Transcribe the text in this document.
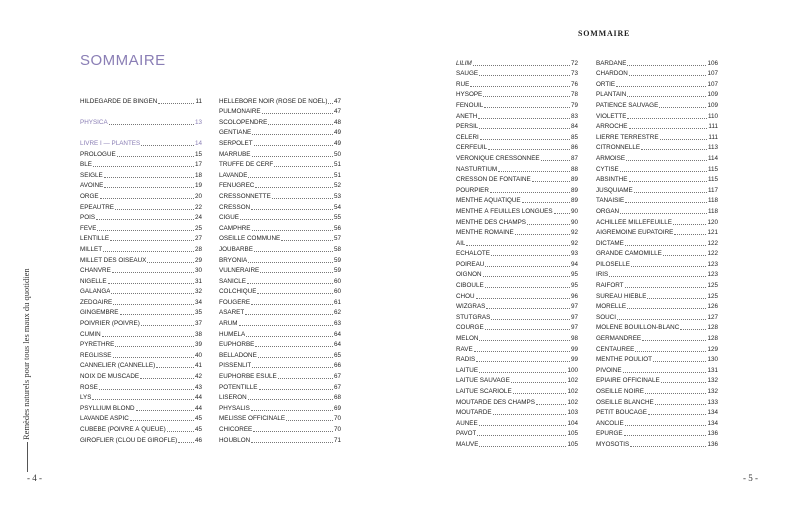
Remèdes naturels pour tous les maux du quotidien
- 4 -	- 5 -
SOMMAIRE
SOMMAIRE
HILDEGARDE DE BINGEN	11
PHYSICA	13
LIVRE I — PLANTES	14
PROLOGUE	15
BLÉ	17
SEIGLE	18
AVOINE	19
ORGE	20
ÉPEAUTRE	22
POIS	24
FÈVE	25
LENTILLE	27
MILLET	28
MILLET DES OISEAUX	29
CHANVRE	30
NIGELLE	31
GALANGA	32
ZÉDOAIRE	34
GINGEMBRE	35
POIVRIER (POIVRE)	37
CUMIN	38
PYRÈTHRE	39
RÉGLISSE	40
CANNELIER (CANNELLE)	41
NOIX DE MUSCADE	42
ROSE	43
LYS	44
PSYLLIUM BLOND	44
LAVANDE ASPIC	45
CUBÈBE (POIVRE À QUEUE)	45
GIROFLIER (CLOU DE GIROFLE)	46
HELLÉBORE NOIR (ROSE DE NOËL) 47
PULMONAIRE	47
SCOLOPENDRE	48
GENTIANE	49
SERPOLET	49
MARRUBE	50
TRUFFE DE CERF	51
LAVANDE	51
FENUGREC	52
CRESSONNETTE	53
CRESSON	54
CIGUË	55
CAMPHRE	56
OSEILLE COMMUNE	57
JOUBARBE	58
BRYONIA	59
VULNÉRAIRE	59
SANICLE	60
COLCHIQUE	60
FOUGÈRE	61
ASARET	62
ARUM	63
HUMÉLA	64
EUPHORBE	64
BELLADONE	65
PISSENLIT	66
EUPHORBE ÉSULE	67
POTENTILLE	67
LISERON	68
PHYSALIS	69
MÉLISSE OFFICINALE	70
CHICORÉE	70
HOUBLON	71
LILIM	72
SAUGE	73
RUE	76
HYSOPE	78
FENOUIL	79
ANETH	83
PERSIL	84
CÉLERI	85
CERFEUIL	86
VÉRONIQUE CRESSONNÉE	87
NASTURTIUM	88
CRESSON DE FONTAINE	89
POURPIER	89
MENTHE AQUATIQUE	89
MENTHE À FEUILLES LONGUES	90
MENTHE DES CHAMPS	90
MENTHE ROMAINE	92
AIL	92
ÉCHALOTE	93
POIREAU	94
OIGNON	95
CIBOULE	95
CHOU	96
WIZGRAS	97
STUTGRAS	97
COURGE	97
MELON	98
RAVE	99
RADIS	99
LAITUE	100
LAITUE SAUVAGE	102
LAITUE SCARIOLE	102
MOUTARDE DES CHAMPS	102
MOUTARDE	103
AUNÉE	104
PAVOT	105
MAUVE	105
BARDANE	106
CHARDON	107
ORTIE	107
PLANTAIN	109
PATIENCE SAUVAGE	109
VIOLETTE	110
ARROCHE	111
LIERRE TERRESTRE	111
CITRONNELLE	113
ARMOISE	114
CYTISE	115
ABSINTHE	115
JUSQUIAME	117
TANAISIE	118
ORGAN	118
ACHILLÉE MILLEFEUILLE	120
AIGREMOINE EUPATOIRE	121
DICTAME	122
GRANDE CAMOMILLE	122
PILOSELLE	123
IRIS	123
RAIFORT	125
SUREAU HIÈBLE	125
MORELLE	126
SOUCI	127
MOLÈNE BOUILLON-BLANC	128
GERMANDRÉE	128
CENTAURÉE	129
MENTHE POULIOT	130
PIVOINE	131
ÉPIAIRE OFFICINALE	132
OSEILLE NOIRE	132
OSEILLE BLANCHE	133
PETIT BOUCAGE	134
ANCOLIE	134
ÉPURGE	136
MYOSOTIS	136
